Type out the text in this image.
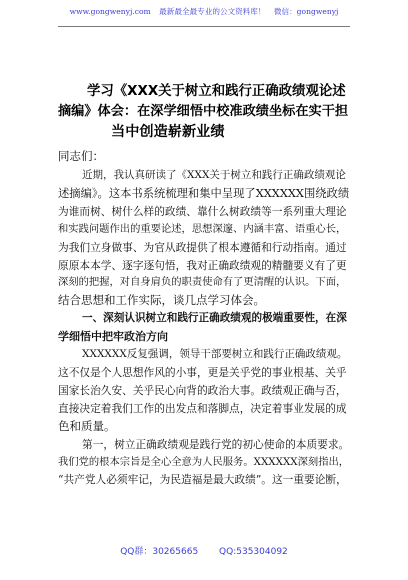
www.gongwenyj.com 最新最全最专业的公文资料库！ 微信：gongwenyj
学习《XXX关于树立和践行正确政绩观论述
摘编》体会：在深学细悟中校准政绩坐标在实干担
当中创造崭新业绩
同志们：
近期，我认真研读了《XXX关于树立和践行正确政绩观论
述摘编》。这本书系统梳理和集中呈现了XXXXXX围绕政绩
为谁而树、树什么样的政绩、靠什么树政绩等一系列重大理论
和实践问题作出的重要论述，思想深邃、内涵丰富、语重心长，
为我们立身做事、为官从政提供了根本遵循和行动指南。通过
原原本本学、逐字逐句悟，我对正确政绩观的精髓要义有了更
深刻的把握，对自身肩负的职责使命有了更清醒的认识。下面，
结合思想和工作实际，谈几点学习体会。
一、深刻认识树立和践行正确政绩观的极端重要性，在深
学细悟中把牢政治方向
XXXXXX反复强调，领导干部要树立和践行正确政绩观。
这不仅是个人思想作风的小事，更是关乎党的事业根基、关乎
国家长治久安、关乎民心向背的政治大事。政绩观正确与否，
直接决定着我们工作的出发点和落脚点，决定着事业发展的成
色和质量。
第一，树立正确政绩观是践行党的初心使命的本质要求。
我们党的根本宗旨是全心全意为人民服务。XXXXXX深刻指出，
“共产党人必须牢记，为民造福是最大政绩”。这一重要论断，
QQ群：30265665 QQ:535304092
